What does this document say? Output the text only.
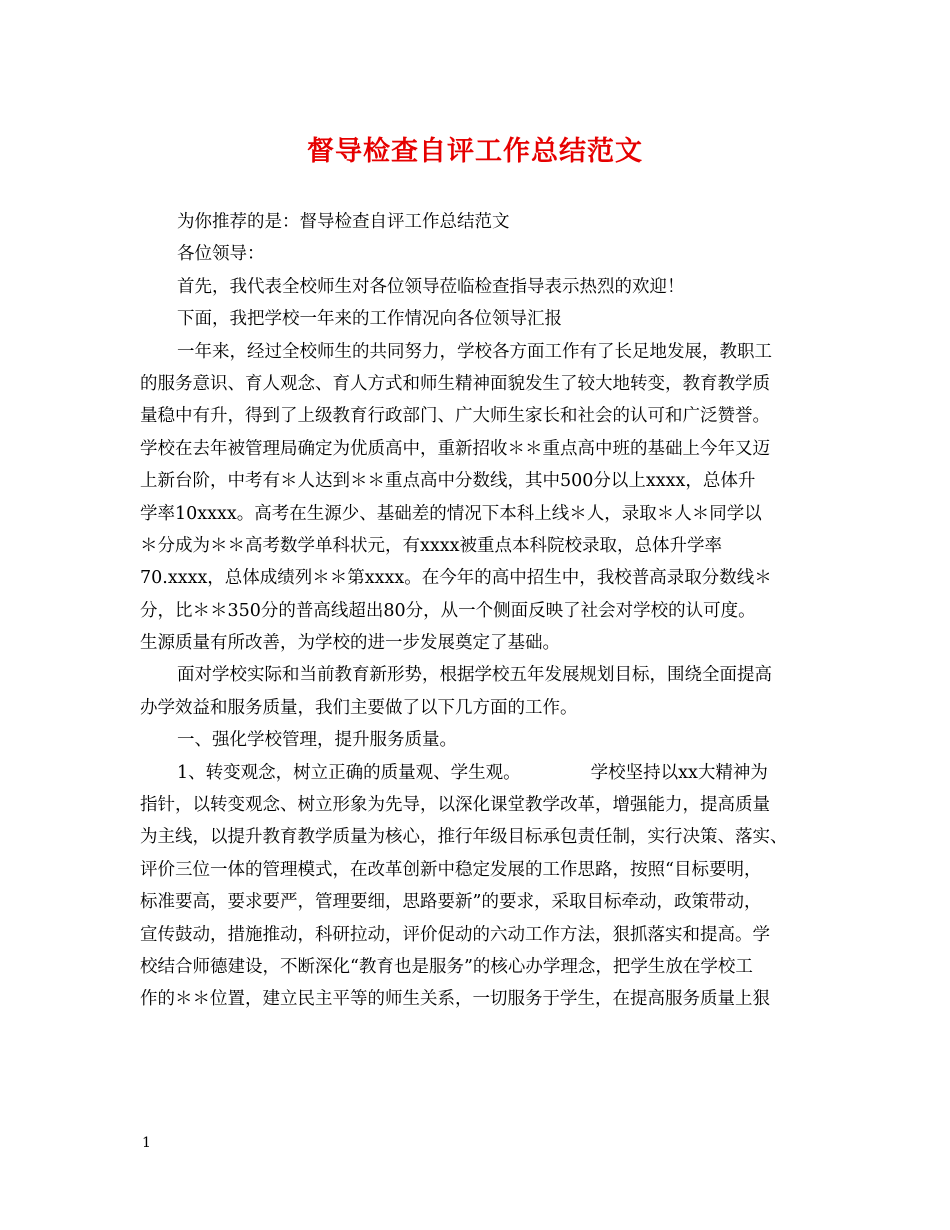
督导检查自评工作总结范文
为你推荐的是：督导检查自评工作总结范文
各位领导：
首先，我代表全校师生对各位领导莅临检查指导表示热烈的欢迎！
下面，我把学校一年来的工作情况向各位领导汇报
一年来，经过全校师生的共同努力，学校各方面工作有了长足地发展，教职工
的服务意识、育人观念、育人方式和师生精神面貌发生了较大地转变，教育教学质
量稳中有升，得到了上级教育行政部门、广大师生家长和社会的认可和广泛赞誉。
学校在去年被管理局确定为优质高中，重新招收＊＊重点高中班的基础上今年又迈
上新台阶，中考有＊人达到＊＊重点高中分数线，其中500分以上xxxx，总体升
学率10xxxx。高考在生源少、基础差的情况下本科上线＊人，录取＊人＊同学以
＊分成为＊＊高考数学单科状元，有xxxx被重点本科院校录取，总体升学率
70.xxxx，总体成绩列＊＊第xxxx。在今年的高中招生中，我校普高录取分数线＊
分，比＊＊350分的普高线超出80分，从一个侧面反映了社会对学校的认可度。
生源质量有所改善，为学校的进一步发展奠定了基础。
面对学校实际和当前教育新形势，根据学校五年发展规划目标，围绕全面提高
办学效益和服务质量，我们主要做了以下几方面的工作。
一、强化学校管理，提升服务质量。
1、转变观念，树立正确的质量观、学生观。	学校坚持以xx大精神为
指针，以转变观念、树立形象为先导，以深化课堂教学改革，增强能力，提高质量
为主线，以提升教育教学质量为核心，推行年级目标承包责任制，实行决策、落实、
评价三位一体的管理模式，在改革创新中稳定发展的工作思路，按照“目标要明，
标准要高，要求要严，管理要细，思路要新”的要求，采取目标牵动，政策带动，
宣传鼓动，措施推动，科研拉动，评价促动的六动工作方法，狠抓落实和提高。学
校结合师德建设，不断深化“教育也是服务”的核心办学理念，把学生放在学校工
作的＊＊位置，建立民主平等的师生关系，一切服务于学生，在提高服务质量上狠
1
